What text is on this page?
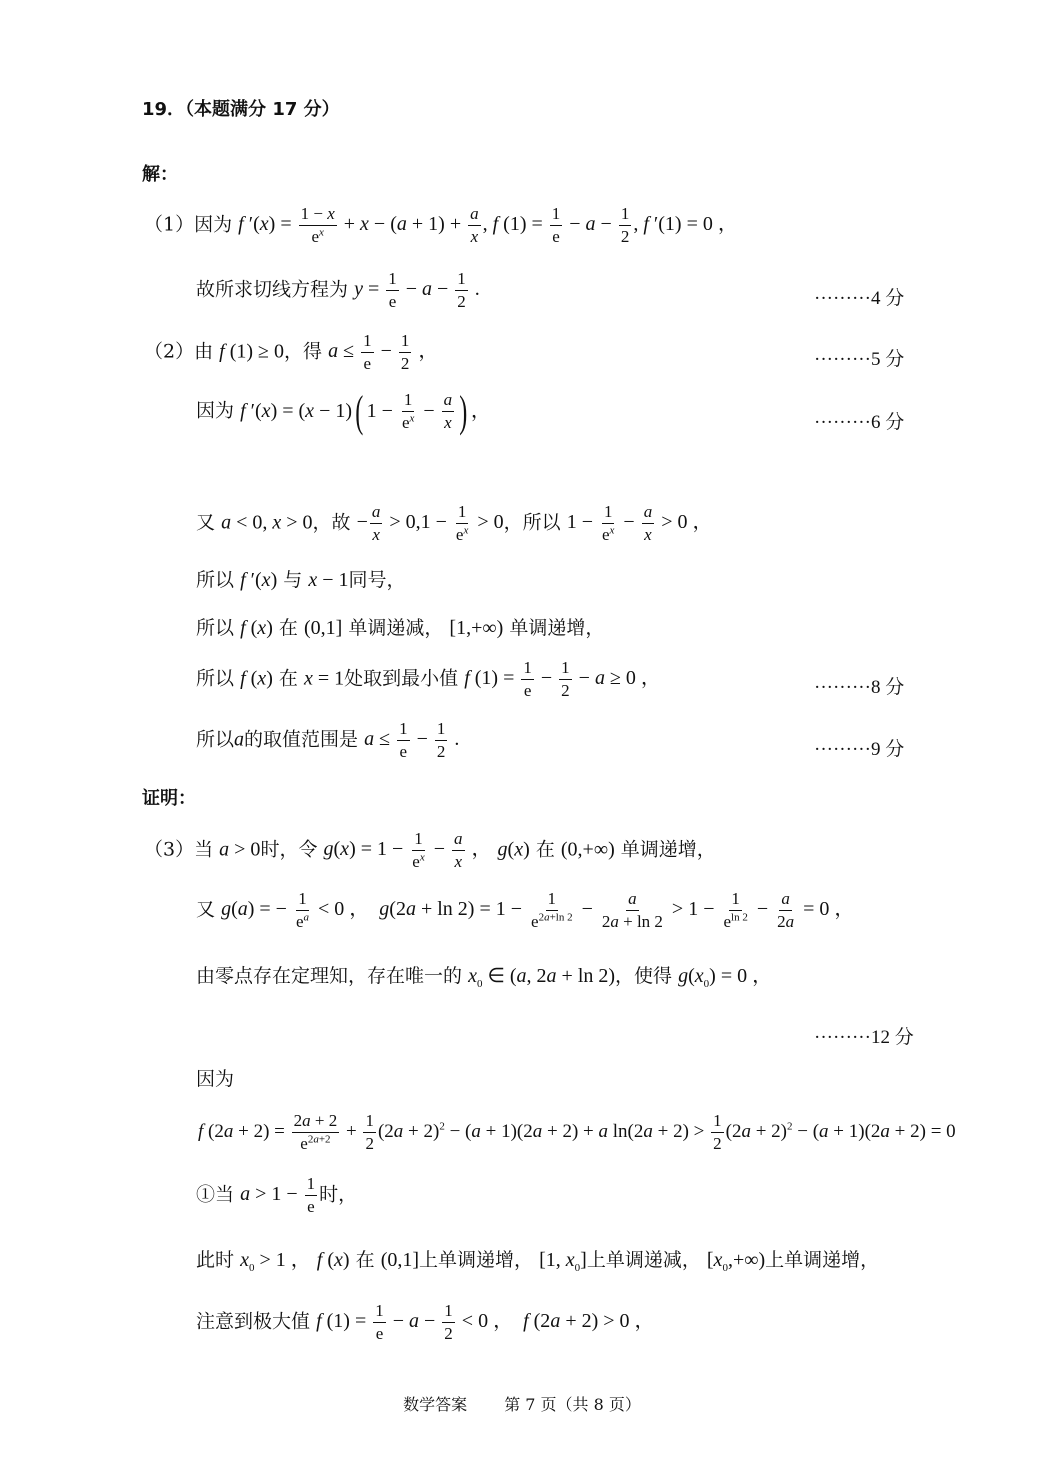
19．（本题满分 17 分）
解：
（1）因为 f $'(x) = \frac{1 - x}{e^x} + x - (a + 1) + \frac{a}{x}$ , f $(1) = \frac{1}{e} - a - \frac{1}{2}$ , f ′(1) = 0 ，
故所求切线方程为 $y = \frac{1}{e} - a - \frac{1}{2}$ .	·········4 分
（2）由 f (1) ≥ 0，得 $a \le \frac{1}{e} - \frac{1}{2}$ ，	·········5 分
因为 f ′(x) = (x − 1)( $1 - \frac{1}{e^x} - \frac{a}{x}$ ) ，
·········6 分
又 a < 0, x > 0，故 − $\frac{a}{x} > 0,1 - \frac{1}{e^x} > 0$，所以 $1 - \frac{1}{e^x} - \frac{a}{x} > 0$ ，
所以 f ′(x) 与 x − 1同号，
所以 f (x) 在 (0,1] 单调递减， [1,+∞) 单调递增，
所以 f (x) 在 x = 1处取到最小值 f $(1) = \frac{1}{e} - \frac{1}{2} - a \ge 0$ ，	·········8 分
所以a的取值范围是 $a \le \frac{1}{e} - \frac{1}{2}$ .	·········9 分
证明：
（3）当 a > 0时，令 $g(x) = 1 - \frac{1}{e^x} - \frac{a}{x}$ ， g(x) 在 (0,+∞) 单调递增，
又 g(a) = − $\frac{1}{e^a} < 0$ ，  $g(2a + \ln 2) = 1 - \frac{1}{e^{2a+ln 2}} - \frac{a}{2a + \ln 2} > 1 - \frac{1}{e^{ln 2}} - \frac{a}{2a} = 0$ ，
由零点存在定理知，存在唯一的 $x_0$ ∈ (a, 2a + ln 2)，使得 $g(x_0) = 0$ ，
·········12 分
因为
f $(2a + 2) = \frac{2a + 2}{e^{2a+2}} + \frac{1}{2} (2a + 2)^2 - (a + 1)(2a + 2) + a$ $\ln(2a + 2) > \frac{1}{2} (2a + 2)^2 - (a + 1)(2a + 2) = 0$
①当 $a > 1 - \frac{1}{e}$ 时，
此时 $x_0 > 1$ ， f (x) 在 (0,1]上单调递增， [1, $x_0$]上单调递减， $[x_0,+\infty)$上单调递增，
注意到极大值 f $(1) = \frac{1}{e} - a - \frac{1}{2} < 0$ ，  f (2a + 2) > 0 ，
数学答案 第 7 页（共 8 页）
